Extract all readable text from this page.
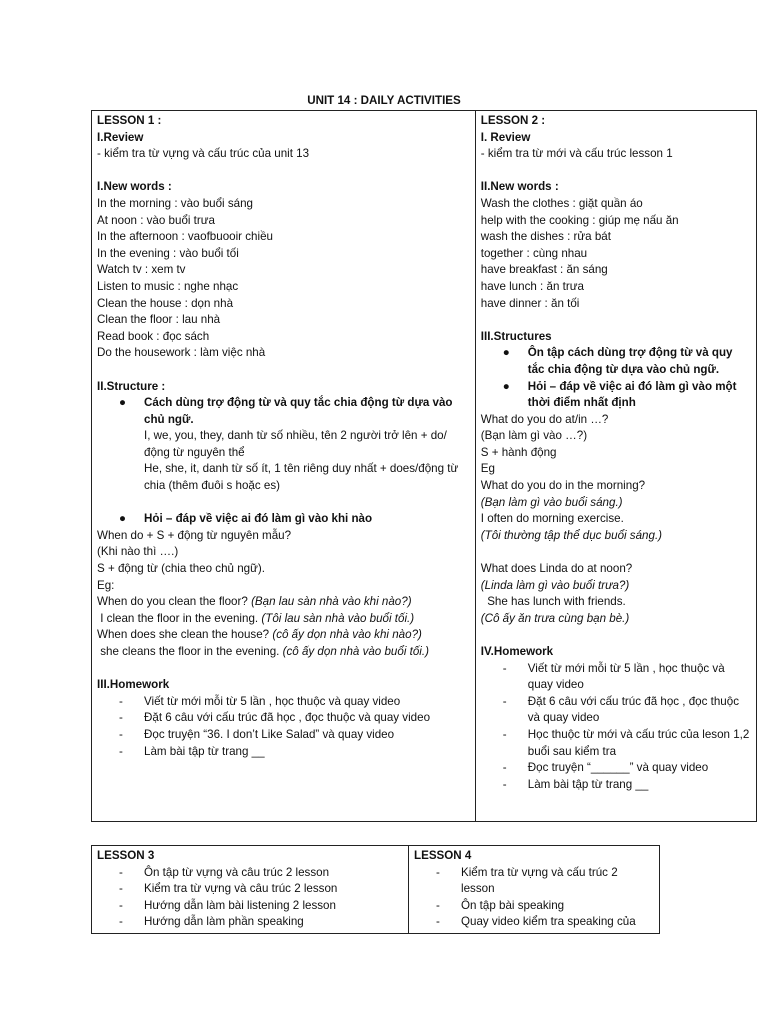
UNIT 14 : DAILY ACTIVITIES
LESSON 1 :
I.Review
- kiểm tra từ vựng và cấu trúc của unit 13
I.New words :
In the morning : vào buổi sáng
At noon : vào buổi trưa
In the afternoon : vaofbuooir chiều
In the evening : vào buổi tối
Watch tv : xem tv
Listen to music : nghe nhạc
Clean the house : dọn nhà
Clean the floor : lau nhà
Read book : đọc sách
Do the housework : làm việc nhà
II.Structure :
● Cách dùng trợ động từ và quy tắc chia động từ dựa vào chủ ngữ.
I, we, you, they, danh từ số nhiều, tên 2 người trở lên + do/động từ nguyên thể
He, she, it, danh từ số ít, 1 tên riêng duy nhất + does/động từ chia (thêm đuôi s hoặc es)
● Hỏi – đáp về việc ai đó làm gì vào khi nào
When do + S + động từ nguyên mẫu?
(Khi nào thì ….)
S + động từ (chia theo chủ ngữ).
Eg:
When do you clean the floor? (Bạn lau sàn nhà vào khi nào?)
I clean the floor in the evening. (Tôi lau sàn nhà vào buổi tối.)
When does she clean the house? (cô ấy dọn nhà vào khi nào?)
she cleans the floor in the evening. (cô ấy dọn nhà vào buổi tối.)
III.Homework
- Viết từ mới mỗi từ 5 lần , học thuộc và quay video
- Đặt 6 câu với cấu trúc đã học , đọc thuộc và quay video
- Đọc truyện “36. I don’t Like Salad” và quay video
- Làm bài tập từ trang __

LESSON 2 :
I. Review
- kiểm tra từ mới và cấu trúc lesson 1
II.New words :
Wash the clothes : giặt quần áo
help with the cooking : giúp mẹ nấu ăn
wash the dishes : rửa bát
together : cùng nhau
have breakfast : ăn sáng
have lunch : ăn trưa
have dinner : ăn tối
III.Structures
● Ôn tập cách dùng trợ động từ và quy tắc chia động từ dựa vào chủ ngữ.
● Hỏi – đáp về việc ai đó làm gì vào một thời điểm nhất định
What do you do at/in …?
(Bạn làm gì vào …?)
S + hành động
Eg
What do you do in the morning?
(Bạn làm gì vào buổi sáng.)
I often do morning exercise.
(Tôi thường tập thể dục buổi sáng.)
What does Linda do at noon?
(Linda làm gì vào buổi trưa?)
She has lunch with friends.
(Cô ấy ăn trưa cùng bạn bè.)
IV.Homework
- Viết từ mới mỗi từ 5 lần , học thuộc và quay video
- Đặt 6 câu với cấu trúc đã học , đọc thuộc và quay video
- Học thuộc từ mới và cấu trúc của leson 1,2 buổi sau kiểm tra
- Đọc truyện “______” và quay video
- Làm bài tập từ trang __
LESSON 3
- Ôn tập từ vựng và câu trúc 2 lesson
- Kiểm tra từ vựng và câu trúc 2 lesson
- Hướng dẫn làm bài listening 2 lesson
- Hướng dẫn làm phần speaking

LESSON 4
- Kiểm tra từ vựng và cấu trúc 2 lesson
- Ôn tập bài speaking
- Quay video kiểm tra speaking của
